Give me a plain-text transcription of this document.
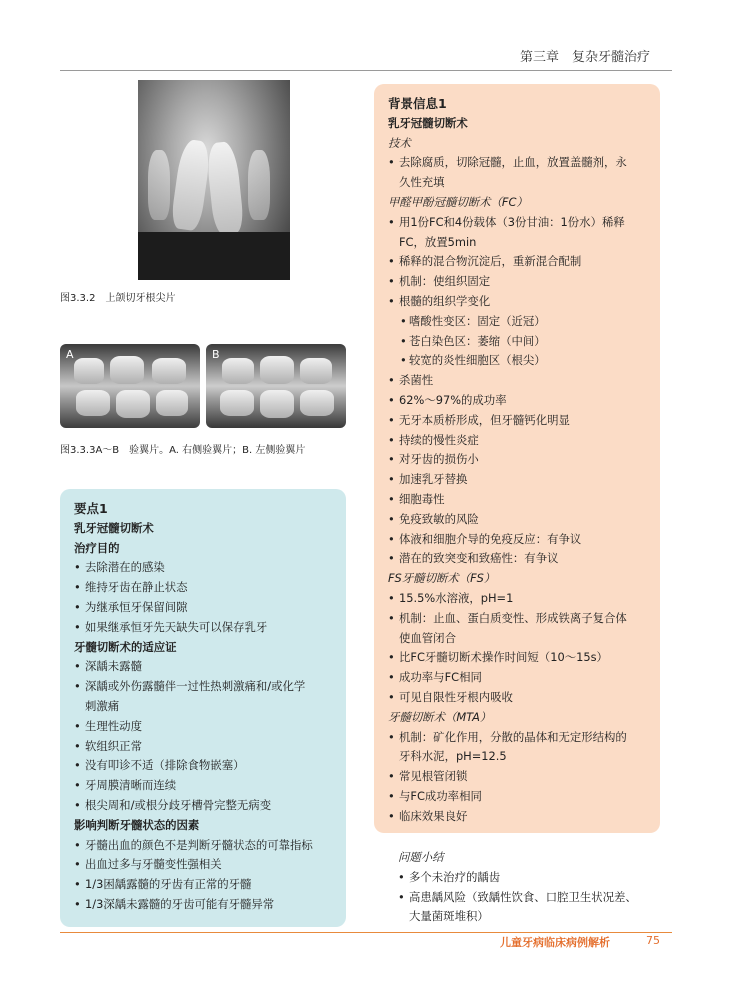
第三章　复杂牙髓治疗
图3.3.2　上颌切牙根尖片
A	B
图3.3.3A～B　验翼片。A. 右侧验翼片；B. 左侧验翼片
要点1
乳牙冠髓切断术
治疗目的
• 去除潜在的感染
• 维持牙齿在静止状态
• 为继承恒牙保留间隙
• 如果继承恒牙先天缺失可以保存乳牙
牙髓切断术的适应证
• 深龋未露髓
• 深龋或外伤露髓伴一过性热刺激痛和/或化学
刺激痛
• 生理性动度
• 软组织正常
• 没有叩诊不适（排除食物嵌塞）
• 牙周膜清晰而连续
• 根尖周和/或根分歧牙槽骨完整无病变
影响判断牙髓状态的因素
• 牙髓出血的颜色不是判断牙髓状态的可靠指标
• 出血过多与牙髓变性强相关
• 1/3困龋露髓的牙齿有正常的牙髓
• 1/3深龋未露髓的牙齿可能有牙髓异常
背景信息1
乳牙冠髓切断术
技术
• 去除腐质，切除冠髓，止血，放置盖髓剂，永
久性充填
甲醛甲酚冠髓切断术（FC）
• 用1份FC和4份载体（3份甘油：1份水）稀释
FC，放置5min
• 稀释的混合物沉淀后，重新混合配制
• 机制：使组织固定
• 根髓的组织学变化
• 嗜酸性变区：固定（近冠）
• 苍白染色区：萎缩（中间）
• 较宽的炎性细胞区（根尖）
• 杀菌性
• 62%～97%的成功率
• 无牙本质桥形成，但牙髓钙化明显
• 持续的慢性炎症
• 对牙齿的损伤小
• 加速乳牙替换
• 细胞毒性
• 免疫致敏的风险
• 体液和细胞介导的免疫反应：有争议
• 潜在的致突变和致癌性：有争议
FS牙髓切断术（FS）
• 15.5%水溶液，pH=1
• 机制：止血、蛋白质变性、形成铁离子复合体
使血管闭合
• 比FC牙髓切断术操作时间短（10～15s）
• 成功率与FC相同
• 可见自限性牙根内吸收
牙髓切断术（MTA）
• 机制：矿化作用，分散的晶体和无定形结构的
牙科水泥，pH=12.5
• 常见根管闭锁
• 与FC成功率相同
• 临床效果良好
问题小结
• 多个未治疗的龋齿
• 高患龋风险（致龋性饮食、口腔卫生状况差、
大量菌斑堆积）
儿童牙病临床病例解析	75
